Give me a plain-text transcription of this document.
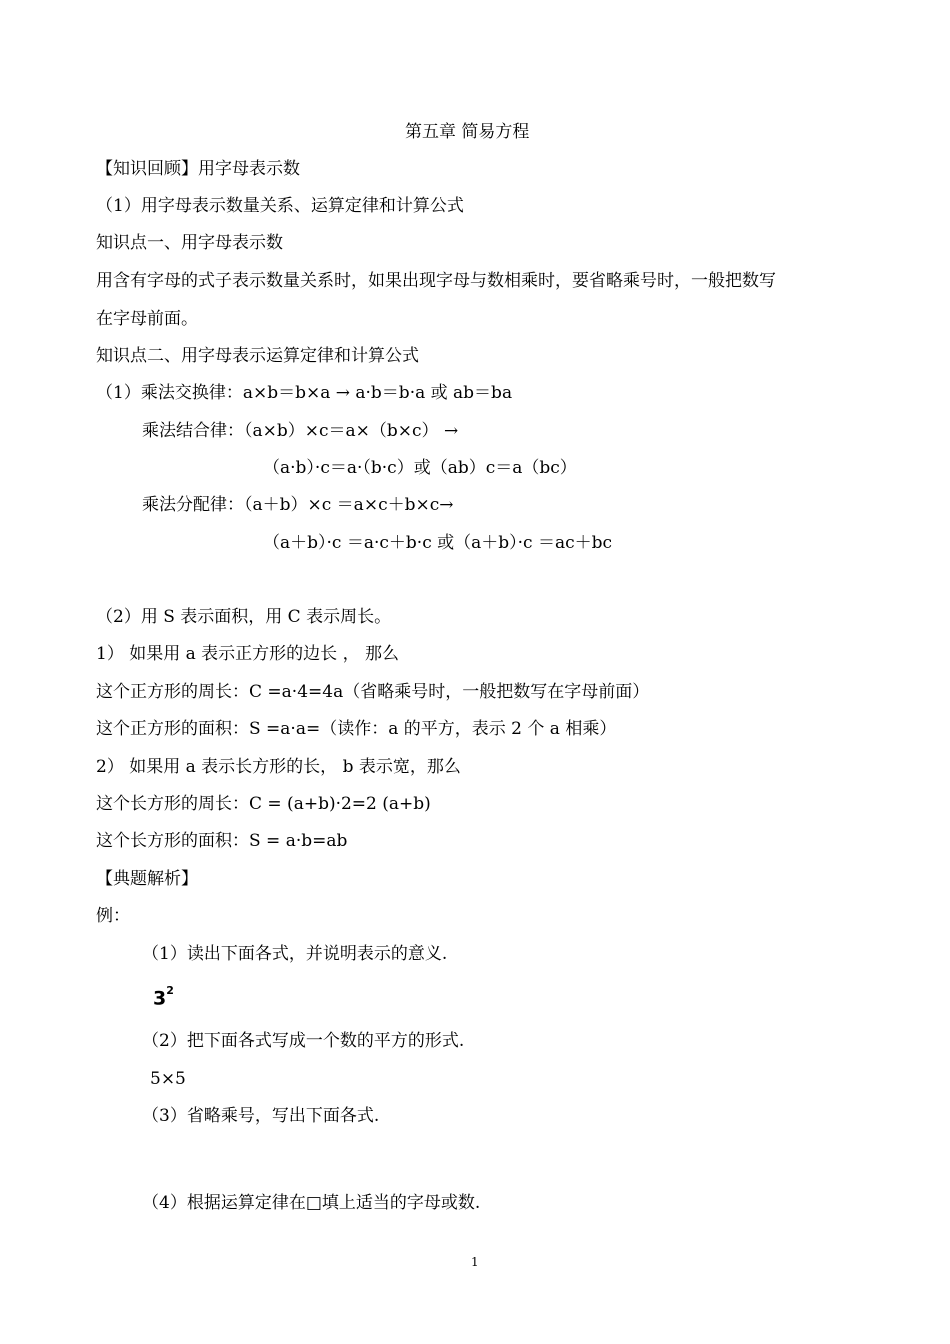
第五章 简易方程
【知识回顾】用字母表示数
（1）用字母表示数量关系、运算定律和计算公式
知识点一、用字母表示数
用含有字母的式子表示数量关系时，如果出现字母与数相乘时，要省略乘号时，一般把数写
在字母前面。
知识点二、用字母表示运算定律和计算公式
（1）乘法交换律：a×b＝b×a → a·b＝b·a 或 ab＝ba
乘法结合律：（a×b）×c＝a×（b×c） →
（a·b）·c＝a·（b·c）或（ab）c＝a（bc）
乘法分配律：（a＋b）×c ＝a×c＋b×c→
（a＋b）·c ＝a·c＋b·c 或（a＋b）·c ＝ac＋bc
（2）用 S 表示面积，用 C 表示周长。
1） 如果用 a 表示正方形的边长 ， 那么
这个正方形的周长：C =a·4=4a（省略乘号时，一般把数写在字母前面）
这个正方形的面积：S =a·a=（读作：a 的平方，表示 2 个 a 相乘）
2） 如果用 a 表示长方形的长， b 表示宽，那么
这个长方形的周长：C = (a+b)·2=2 (a+b)
这个长方形的面积：S = a·b=ab
【典题解析】
例：
（1）读出下面各式，并说明表示的意义.
$3^2$
（2）把下面各式写成一个数的平方的形式.
5×5
（3）省略乘号，写出下面各式.
（4）根据运算定律在□填上适当的字母或数.
1
